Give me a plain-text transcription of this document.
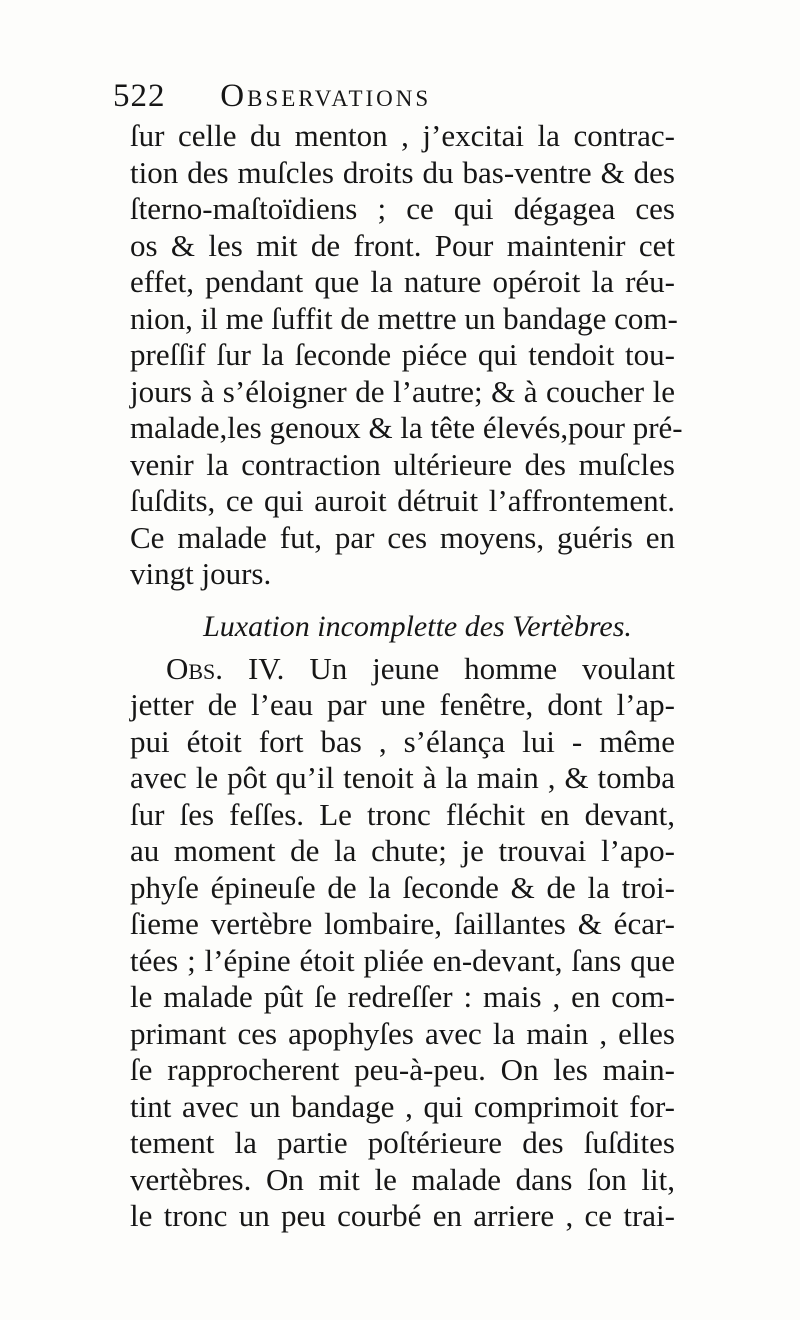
522 Observations
ſur celle du menton , j’excitai la contrac-
tion des muſcles droits du bas-ventre & des
ſterno-maſtoïdiens ; ce qui dégagea ces
os & les mit de front. Pour maintenir cet
effet, pendant que la nature opéroit la réu-
nion, il me ſuffit de mettre un bandage com-
preſſif ſur la ſeconde piéce qui tendoit tou-
jours à s’éloigner de l’autre; & à coucher le
malade,les genoux & la tête élevés,pour pré-
venir la contraction ultérieure des muſcles
ſuſdits, ce qui auroit détruit l’affrontement.
Ce malade fut, par ces moyens, guéris en
vingt jours.
Luxation incomplette des Vertèbres.
Obs. IV. Un jeune homme voulant
jetter de l’eau par une fenêtre, dont l’ap-
pui étoit fort bas , s’élança lui - même
avec le pôt qu’il tenoit à la main , & tomba
ſur ſes feſſes. Le tronc fléchit en devant,
au moment de la chute; je trouvai l’apo-
phyſe épineuſe de la ſeconde & de la troi-
ſieme vertèbre lombaire, ſaillantes & écar-
tées ; l’épine étoit pliée en-devant, ſans que
le malade pût ſe redreſſer : mais , en com-
primant ces apophyſes avec la main , elles
ſe rapprocherent peu-à-peu. On les main-
tint avec un bandage , qui comprimoit for-
tement la partie poſtérieure des ſuſdites
vertèbres. On mit le malade dans ſon lit,
le tronc un peu courbé en arriere , ce trai-
